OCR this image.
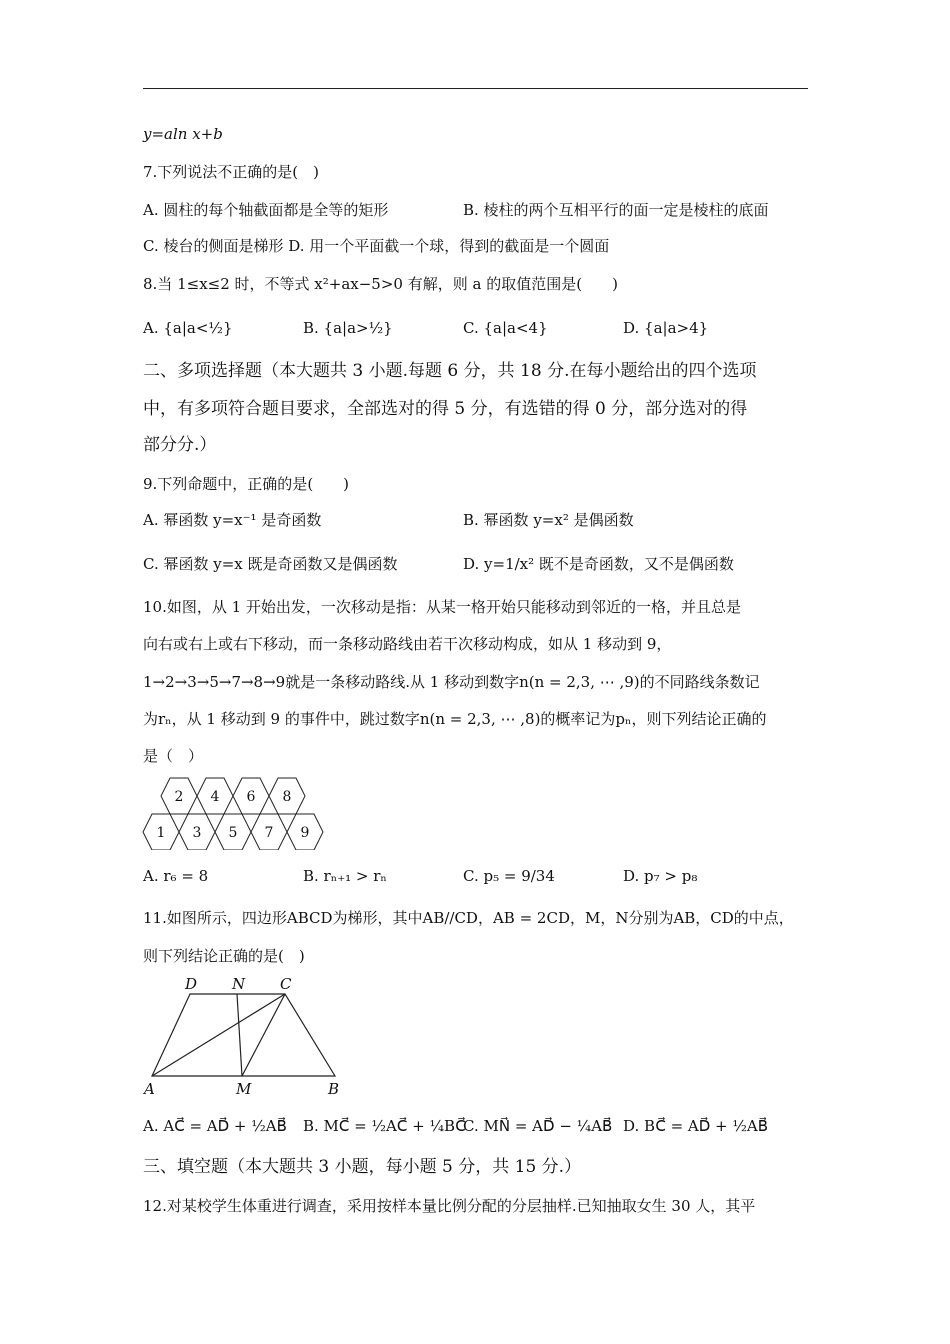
y=aln x+b
7.下列说法不正确的是(　)
A. 圆柱的每个轴截面都是全等的矩形	B. 棱柱的两个互相平行的面一定是棱柱的底面
C. 棱台的侧面是梯形 D. 用一个平面截一个球，得到的截面是一个圆面
8.当 1≤x≤2 时，不等式 x²+ax−5>0 有解，则 a 的取值范围是(　　)
A. {a|a<½}	B. {a|a>½}	C. {a|a<4}	D. {a|a>4}
二、多项选择题（本大题共 3 小题.每题 6 分，共 18 分.在每小题给出的四个选项
中，有多项符合题目要求，全部选对的得 5 分，有选错的得 0 分，部分选对的得
部分分.）
9.下列命题中，正确的是(　　)
A. 幂函数 y=x⁻¹ 是奇函数	B. 幂函数 y=x² 是偶函数
C. 幂函数 y=x 既是奇函数又是偶函数	D. y=1/x² 既不是奇函数，又不是偶函数
10.如图，从 1 开始出发，一次移动是指：从某一格开始只能移动到邻近的一格，并且总是
向右或右上或右下移动，而一条移动路线由若干次移动构成，如从 1 移动到 9，
1→2→3→5→7→8→9就是一条移动路线.从 1 移动到数字n(n = 2,3, ⋯ ,9)的不同路线条数记
为rₙ，从 1 移动到 9 的事件中，跳过数字n(n = 2,3, ⋯ ,8)的概率记为pₙ，则下列结论正确的
是（　）
2 4 6 8
1 3 5 7 9
A. r₆ = 8	B. rₙ₊₁ > rₙ	C. p₅ = 9/34	D. p₇ > p₈
11.如图所示，四边形ABCD为梯形，其中AB//CD，AB = 2CD，M，N分别为AB，CD的中点，
则下列结论正确的是(　)
D N C
A	M	B
A. AC⃗ = AD⃗ + ½AB⃗ B. MC⃗ = ½AC⃗ + ¼BC⃗
C. MN⃗ = AD⃗ − ¼AB⃗ D. BC⃗ = AD⃗ + ½AB⃗
三、填空题（本大题共 3 小题，每小题 5 分，共 15 分.）
12.对某校学生体重进行调查，采用按样本量比例分配的分层抽样.已知抽取女生 30 人，其平
